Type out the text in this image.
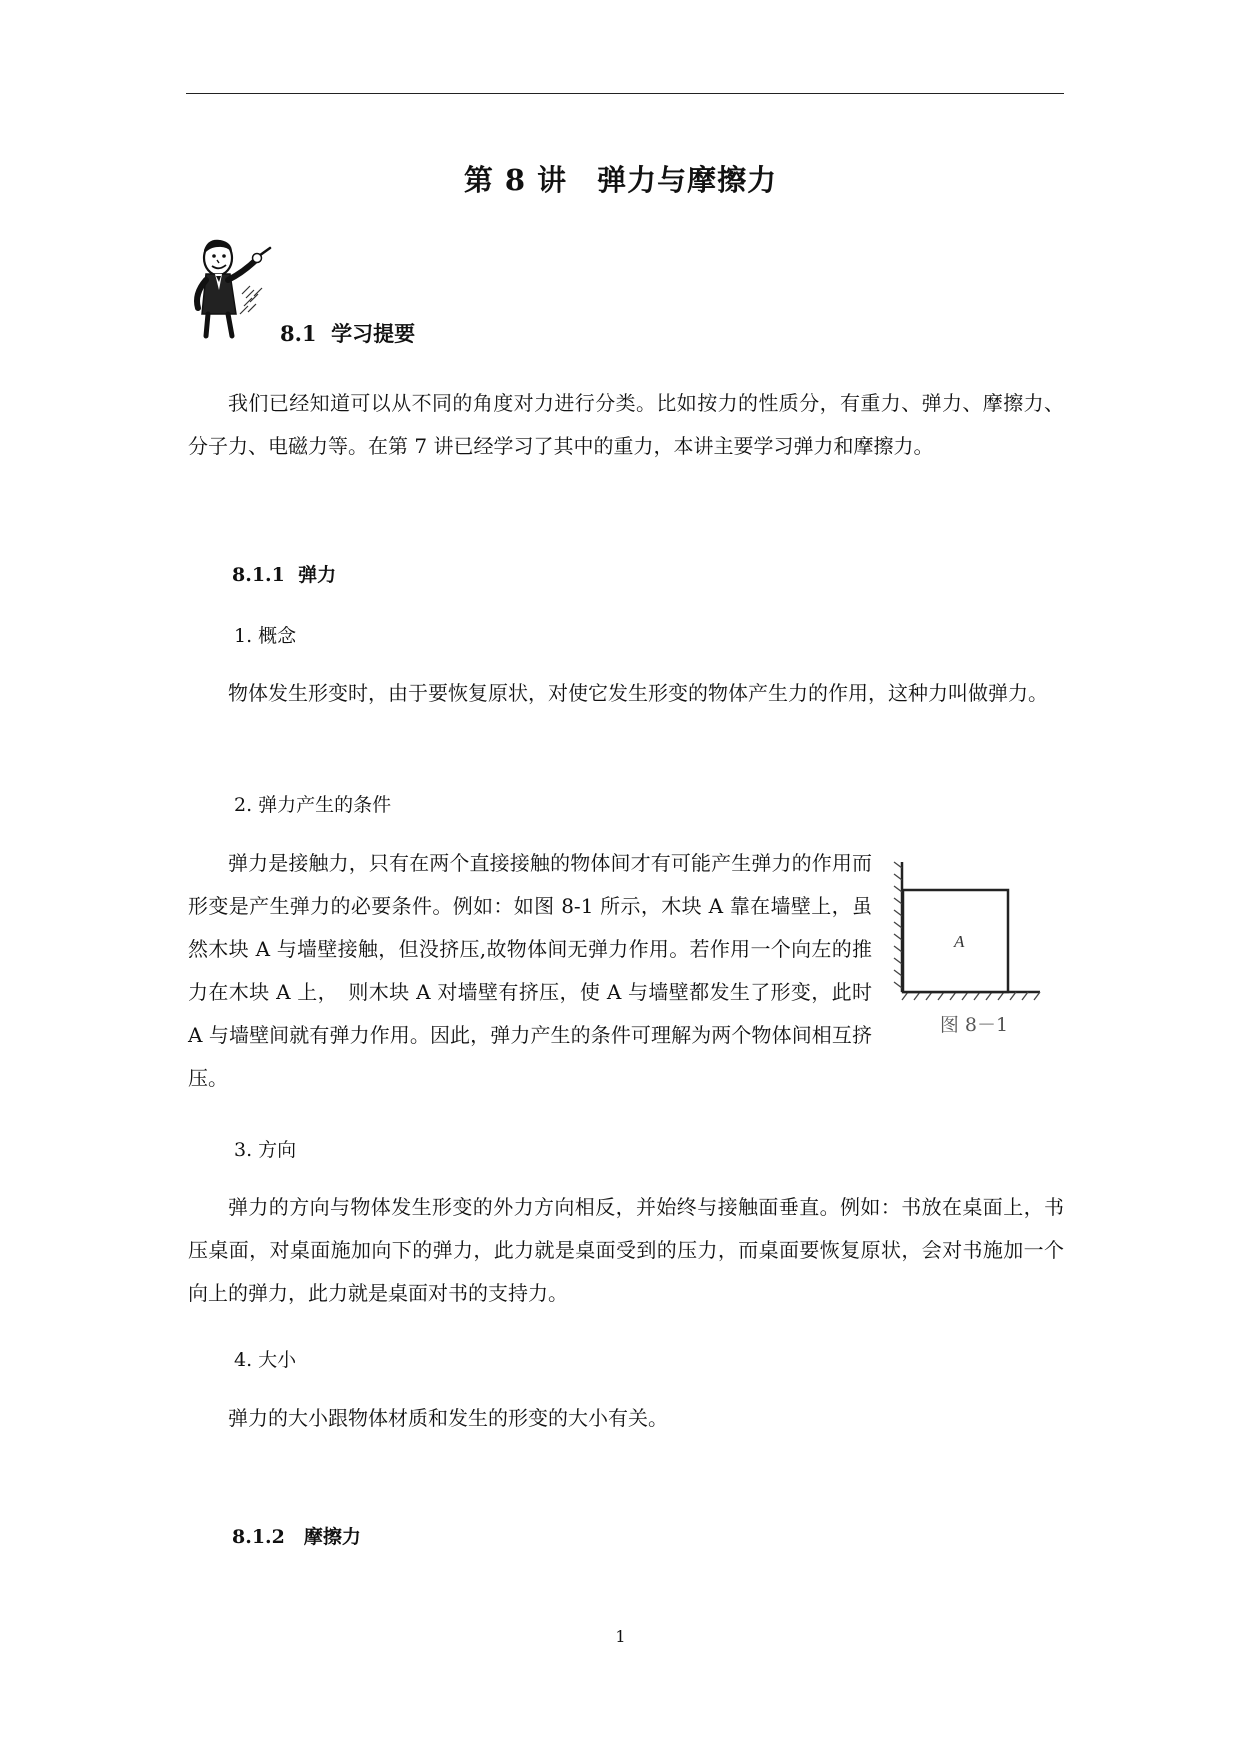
第 8 讲　弹力与摩擦力
8.1  学习提要

我们已经知道可以从不同的角度对力进行分类。比如按力的性质分，有重力、弹力、摩擦力、分子力、电磁力等。在第 7 讲已经学习了其中的重力，本讲主要学习弹力和摩擦力。

8.1.1  弹力
1. 概念

物体发生形变时，由于要恢复原状，对使它发生形变的物体产生力的作用，这种力叫做弹力。

2. 弹力产生的条件

弹力是接触力，只有在两个直接接触的物体间才有可能产生弹力的作用而形变是产生弹力的必要条件。例如：如图 8-1 所示，木块 A 靠在墙壁上，虽然木块 A 与墙壁接触，但没挤压,故物体间无弹力作用。若作用一个向左的推力在木块 A 上，　则木块 A 对墙壁有挤压，使 A 与墙壁都发生了形变，此时 A 与墙壁间就有弹力作用。因此，弹力产生的条件可理解为两个物体间相互挤压。

A
图 8－1
3. 方向

弹力的方向与物体发生形变的外力方向相反，并始终与接触面垂直。例如：书放在桌面上，书压桌面，对桌面施加向下的弹力，此力就是桌面受到的压力，而桌面要恢复原状，会对书施加一个向上的弹力，此力就是桌面对书的支持力。

4. 大小

弹力的大小跟物体材质和发生的形变的大小有关。

8.1.2　摩擦力
1
